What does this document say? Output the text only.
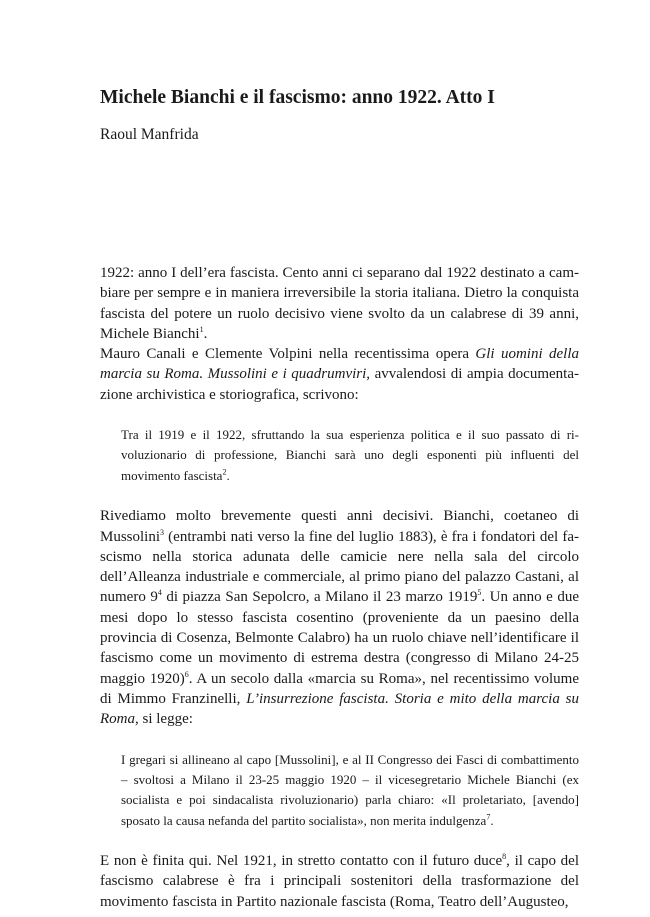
Michele Bianchi e il fascismo: anno 1922. Atto I

Raoul Manfrida

1922: anno I dell’era fascista. Cento anni ci separano dal 1922 destinato a cambiare per sempre e in maniera irreversibile la storia italiana. Dietro la conquista fascista del potere un ruolo decisivo viene svolto da un calabrese di 39 anni, Michele Bianchi$^1$.

Mauro Canali e Clemente Volpini nella recentissima opera Gli uomini della marcia su Roma. Mussolini e i quadrumviri, avvalendosi di ampia documentazione archivistica e storiografica, scrivono:

Tra il 1919 e il 1922, sfruttando la sua esperienza politica e il suo passato di rivoluzionario di professione, Bianchi sarà uno degli esponenti più influenti del movimento fascista$^2$.

Rivediamo molto brevemente questi anni decisivi. Bianchi, coetaneo di Mussolini$^3$ (entrambi nati verso la fine del luglio 1883), è fra i fondatori del fascismo nella storica adunata delle camicie nere nella sala del circolo dell’Alleanza industriale e commerciale, al primo piano del palazzo Castani, al numero $9^4$ di piazza San Sepolcro, a Milano il 23 marzo 1919$^5$. Un anno e due mesi dopo lo stesso fascista cosentino (proveniente da un paesino della provincia di Cosenza, Belmonte Calabro) ha un ruolo chiave nell’identificare il fascismo come un movimento di estrema destra (congresso di Milano 24-25 maggio 1920)$^6$. A un secolo dalla «marcia su Roma», nel recentissimo volume di Mimmo Franzinelli, L’insurrezione fascista. Storia e mito della marcia su Roma, si legge:

I gregari si allineano al capo [Mussolini], e al II Congresso dei Fasci di combattimento – svoltosi a Milano il 23-25 maggio 1920 – il vicesegretario Michele Bianchi (ex socialista e poi sindacalista rivoluzionario) parla chiaro: «Il proletariato, [avendo] sposato la causa nefanda del partito socialista», non merita indulgenza$^7$.

E non è finita qui. Nel 1921, in stretto contatto con il futuro duce$^8$, il capo del fascismo calabrese è fra i principali sostenitori della trasformazione del movimento fascista in Partito nazionale fascista (Roma, Teatro dell’Augusteo,
